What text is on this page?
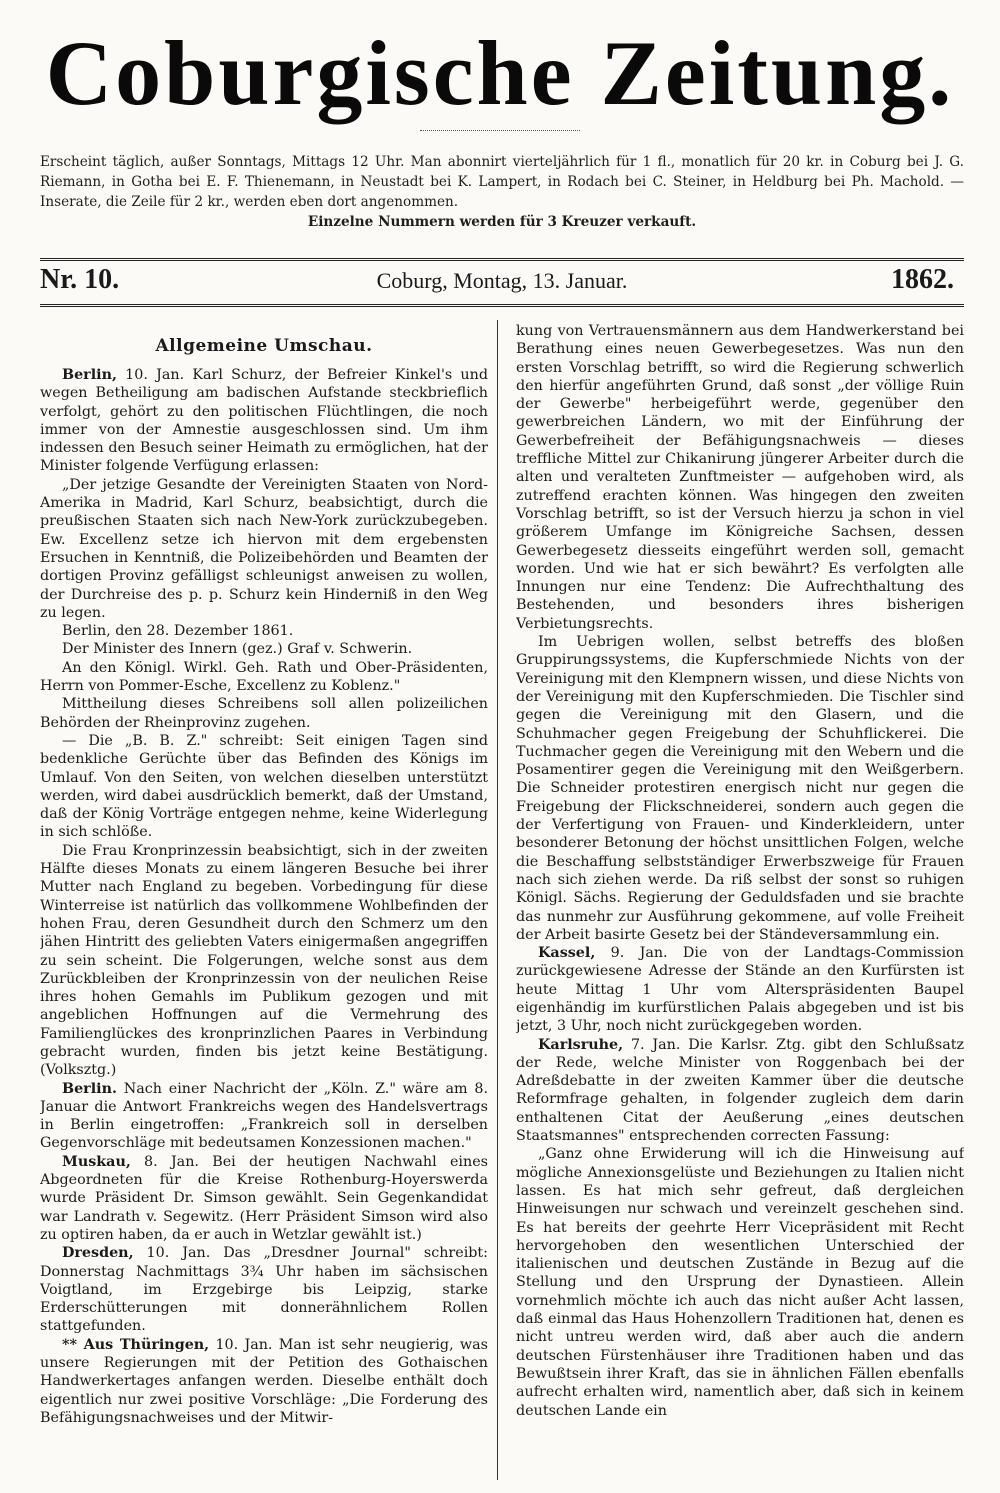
Coburgische Zeitung.
Erscheint täglich, außer Sonntags, Mittags 12 Uhr. Man abonnirt vierteljährlich für 1 fl., monatlich für 20 kr. in Coburg bei J. G. Riemann, in Gotha bei E. F. Thienemann, in Neustadt bei K. Lampert, in Rodach bei C. Steiner, in Heldburg bei Ph. Machold. — Inserate, die Zeile für 2 kr., werden eben dort angenommen.
Einzelne Nummern werden für 3 Kreuzer verkauft.
Nr. 10.	Coburg, Montag, 13. Januar.	1862.
Allgemeine Umschau.

Berlin, 10. Jan. Karl Schurz, der Befreier Kinkel's und wegen Betheiligung am badischen Aufstande steckbrieflich verfolgt, gehört zu den politischen Flüchtlingen, die noch immer von der Amnestie ausgeschlossen sind. Um ihm indessen den Besuch seiner Heimath zu ermöglichen, hat der Minister folgende Verfügung erlassen:

„Der jetzige Gesandte der Vereinigten Staaten von Nord-Amerika in Madrid, Karl Schurz, beabsichtigt, durch die preußischen Staaten sich nach New-York zurückzubegeben. Ew. Excellenz setze ich hiervon mit dem ergebensten Ersuchen in Kenntniß, die Polizeibehörden und Beamten der dortigen Provinz gefälligst schleunigst anweisen zu wollen, der Durchreise des p. p. Schurz kein Hinderniß in den Weg zu legen.

Berlin, den 28. Dezember 1861.

Der Minister des Innern (gez.) Graf v. Schwerin.

An den Königl. Wirkl. Geh. Rath und Ober-Präsidenten, Herrn von Pommer-Esche, Excellenz zu Koblenz."

Mittheilung dieses Schreibens soll allen polizeilichen Behörden der Rheinprovinz zugehen.

— Die „B. B. Z." schreibt: Seit einigen Tagen sind bedenkliche Gerüchte über das Befinden des Königs im Umlauf. Von den Seiten, von welchen dieselben unterstützt werden, wird dabei ausdrücklich bemerkt, daß der Umstand, daß der König Vorträge entgegen nehme, keine Widerlegung in sich schlöße.

Die Frau Kronprinzessin beabsichtigt, sich in der zweiten Hälfte dieses Monats zu einem längeren Besuche bei ihrer Mutter nach England zu begeben. Vorbedingung für diese Winterreise ist natürlich das vollkommene Wohlbefinden der hohen Frau, deren Gesundheit durch den Schmerz um den jähen Hintritt des geliebten Vaters einigermaßen angegriffen zu sein scheint. Die Folgerungen, welche sonst aus dem Zurückbleiben der Kronprinzessin von der neulichen Reise ihres hohen Gemahls im Publikum gezogen und mit angeblichen Hoffnungen auf die Vermehrung des Familienglückes des kronprinzlichen Paares in Verbindung gebracht wurden, finden bis jetzt keine Bestätigung. (Volksztg.)

Berlin. Nach einer Nachricht der „Köln. Z." wäre am 8. Januar die Antwort Frankreichs wegen des Handelsvertrags in Berlin eingetroffen: „Frankreich soll in derselben Gegenvorschläge mit bedeutsamen Konzessionen machen."

Muskau, 8. Jan. Bei der heutigen Nachwahl eines Abgeordneten für die Kreise Rothenburg-Hoyerswerda wurde Präsident Dr. Simson gewählt. Sein Gegenkandidat war Landrath v. Segewitz. (Herr Präsident Simson wird also zu optiren haben, da er auch in Wetzlar gewählt ist.)

Dresden, 10. Jan. Das „Dresdner Journal" schreibt: Donnerstag Nachmittags 3¾ Uhr haben im sächsischen Voigtland, im Erzgebirge bis Leipzig, starke Erderschütterungen mit donnerähnlichem Rollen stattgefunden.

** Aus Thüringen, 10. Jan. Man ist sehr neugierig, was unsere Regierungen mit der Petition des Gothaischen Handwerkertages anfangen werden. Dieselbe enthält doch eigentlich nur zwei positive Vorschläge: „Die Forderung des Befähigungsnachweises und der Mitwir-

kung von Vertrauensmännern aus dem Handwerkerstand bei Berathung eines neuen Gewerbegesetzes. Was nun den ersten Vorschlag betrifft, so wird die Regierung schwerlich den hierfür angeführten Grund, daß sonst „der völlige Ruin der Gewerbe" herbeigeführt werde, gegenüber den gewerbreichen Ländern, wo mit der Einführung der Gewerbefreiheit der Befähigungsnachweis — dieses treffliche Mittel zur Chikanirung jüngerer Arbeiter durch die alten und veralteten Zunftmeister — aufgehoben wird, als zutreffend erachten können. Was hingegen den zweiten Vorschlag betrifft, so ist der Versuch hierzu ja schon in viel größerem Umfange im Königreiche Sachsen, dessen Gewerbegesetz diesseits eingeführt werden soll, gemacht worden. Und wie hat er sich bewährt? Es verfolgten alle Innungen nur eine Tendenz: Die Aufrechthaltung des Bestehenden, und besonders ihres bisherigen Verbietungsrechts.

Im Uebrigen wollen, selbst betreffs des bloßen Gruppirungssystems, die Kupferschmiede Nichts von der Vereinigung mit den Klempnern wissen, und diese Nichts von der Vereinigung mit den Kupferschmieden. Die Tischler sind gegen die Vereinigung mit den Glasern, und die Schuhmacher gegen Freigebung der Schuhflickerei. Die Tuchmacher gegen die Vereinigung mit den Webern und die Posamentirer gegen die Vereinigung mit den Weißgerbern. Die Schneider protestiren energisch nicht nur gegen die Freigebung der Flickschneiderei, sondern auch gegen die der Verfertigung von Frauen- und Kinderkleidern, unter besonderer Betonung der höchst unsittlichen Folgen, welche die Beschaffung selbstständiger Erwerbszweige für Frauen nach sich ziehen werde. Da riß selbst der sonst so ruhigen Königl. Sächs. Regierung der Geduldsfaden und sie brachte das nunmehr zur Ausführung gekommene, auf volle Freiheit der Arbeit basirte Gesetz bei der Ständeversammlung ein.

Kassel, 9. Jan. Die von der Landtags-Commission zurückgewiesene Adresse der Stände an den Kurfürsten ist heute Mittag 1 Uhr vom Alterspräsidenten Baupel eigenhändig im kurfürstlichen Palais abgegeben und ist bis jetzt, 3 Uhr, noch nicht zurückgegeben worden.

Karlsruhe, 7. Jan. Die Karlsr. Ztg. gibt den Schlußsatz der Rede, welche Minister von Roggenbach bei der Adreßdebatte in der zweiten Kammer über die deutsche Reformfrage gehalten, in folgender zugleich dem darin enthaltenen Citat der Aeußerung „eines deutschen Staatsmannes" entsprechenden correcten Fassung:

„Ganz ohne Erwiderung will ich die Hinweisung auf mögliche Annexionsgelüste und Beziehungen zu Italien nicht lassen. Es hat mich sehr gefreut, daß dergleichen Hinweisungen nur schwach und vereinzelt geschehen sind. Es hat bereits der geehrte Herr Vicepräsident mit Recht hervorgehoben den wesentlichen Unterschied der italienischen und deutschen Zustände in Bezug auf die Stellung und den Ursprung der Dynastieen. Allein vornehmlich möchte ich auch das nicht außer Acht lassen, daß einmal das Haus Hohenzollern Traditionen hat, denen es nicht untreu werden wird, daß aber auch die andern deutschen Fürstenhäuser ihre Traditionen haben und das Bewußtsein ihrer Kraft, das sie in ähnlichen Fällen ebenfalls aufrecht erhalten wird, namentlich aber, daß sich in keinem deutschen Lande ein
